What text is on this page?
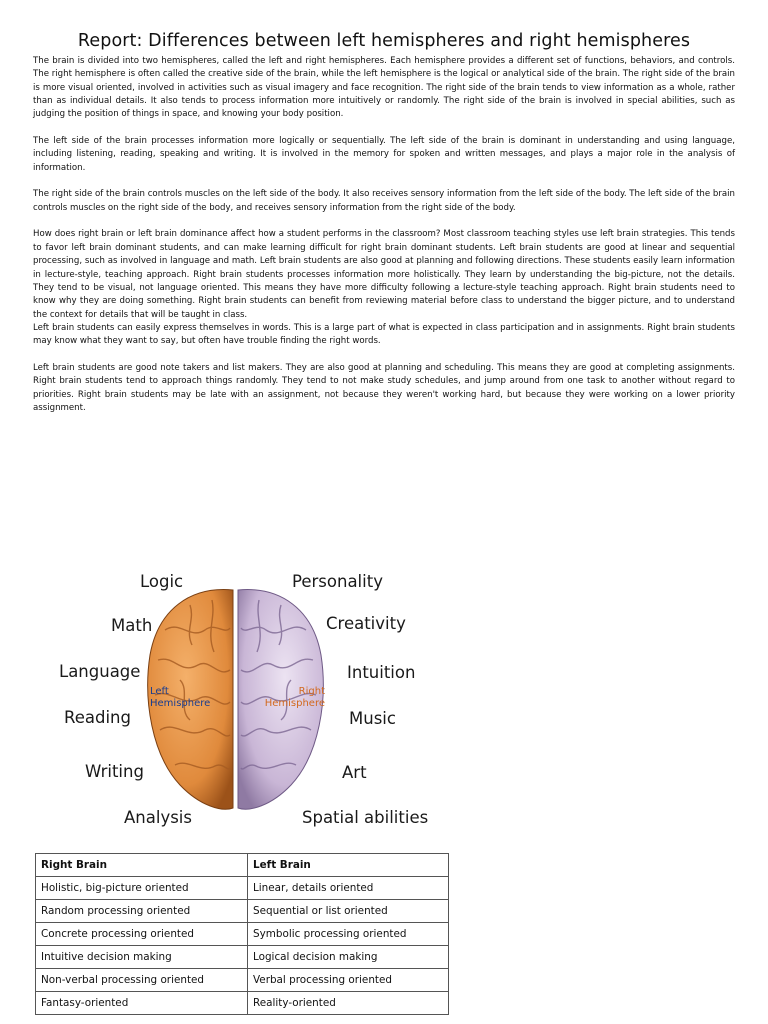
Report: Differences between left hemispheres and right hemispheres

The brain is divided into two hemispheres, called the left and right hemispheres. Each hemisphere provides a different set of functions, behaviors, and controls. The right hemisphere is often called the creative side of the brain, while the left hemisphere is the logical or analytical side of the brain. The right side of the brain is more visual oriented, involved in activities such as visual imagery and face recognition. The right side of the brain tends to view information as a whole, rather than as individual details. It also tends to process information more intuitively or randomly. The right side of the brain is involved in special abilities, such as judging the position of things in space, and knowing your body position.

The left side of the brain processes information more logically or sequentially. The left side of the brain is dominant in understanding and using language, including listening, reading, speaking and writing. It is involved in the memory for spoken and written messages, and plays a major role in the analysis of information.

The right side of the brain controls muscles on the left side of the body. It also receives sensory information from the left side of the body. The left side of the brain controls muscles on the right side of the body, and receives sensory information from the right side of the body.

How does right brain or left brain dominance affect how a student performs in the classroom? Most classroom teaching styles use left brain strategies. This tends to favor left brain dominant students, and can make learning difficult for right brain dominant students. Left brain students are good at linear and sequential processing, such as involved in language and math. Left brain students are also good at planning and following directions. These students easily learn information in lecture-style, teaching approach. Right brain students processes information more holistically. They learn by understanding the big-picture, not the details. They tend to be visual, not language oriented. This means they have more difficulty following a lecture-style teaching approach. Right brain students need to know why they are doing something. Right brain students can benefit from reviewing material before class to understand the bigger picture, and to understand the context for details that will be taught in class.

Left brain students can easily express themselves in words. This is a large part of what is expected in class participation and in assignments. Right brain students may know what they want to say, but often have trouble finding the right words.

Left brain students are good note takers and list makers. They are also good at planning and scheduling. This means they are good at completing assignments. Right brain students tend to approach things randomly. They tend to not make study schedules, and jump around from one task to another without regard to priorities. Right brain students may be late with an assignment, not because they weren't working hard, but because they were working on a lower priority assignment.

Logic
Math
Language
Reading
Writing
Analysis
Personality
Creativity
Intuition
Music
Art
Spatial abilities
Left Hemisphere
Right Hemisphere
Right Brain	Left Brain
Holistic, big-picture oriented	Linear, details oriented
Random processing oriented	Sequential or list oriented
Concrete processing oriented	Symbolic processing oriented
Intuitive decision making	Logical decision making
Non-verbal processing oriented	Verbal processing oriented
Fantasy-oriented	Reality-oriented
